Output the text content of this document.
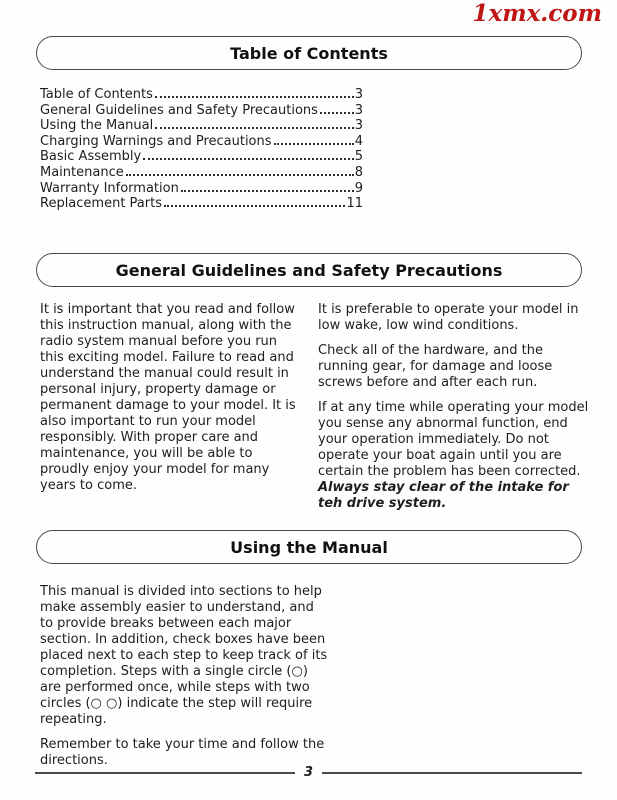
1xmx.com
Table of Contents
Table of Contents	3
General Guidelines and Safety Precautions	3
Using the Manual	3
Charging Warnings and Precautions	4
Basic Assembly	5
Maintenance	8
Warranty Information	9
Replacement Parts	11
General Guidelines and Safety Precautions

It is important that you read and follow this instruction manual, along with the radio system manual before you run this exciting model. Failure to read and understand the manual could result in personal injury, property damage or permanent damage to your model. It is also important to run your model responsibly. With proper care and maintenance, you will be able to proudly enjoy your model for many years to come.

It is preferable to operate your model in low wake, low wind conditions.

Check all of the hardware, and the running gear, for damage and loose screws before and after each run.

If at any time while operating your model you sense any abnormal function, end your operation immediately. Do not operate your boat again until you are certain the problem has been corrected. Always stay clear of the intake for teh drive system.

Using the Manual

This manual is divided into sections to help make assembly easier to understand, and to provide breaks between each major section. In addition, check boxes have been placed next to each step to keep track of its completion. Steps with a single circle (○) are performed once, while steps with two circles (○ ○) indicate the step will require repeating.

Remember to take your time and follow the directions.

3
